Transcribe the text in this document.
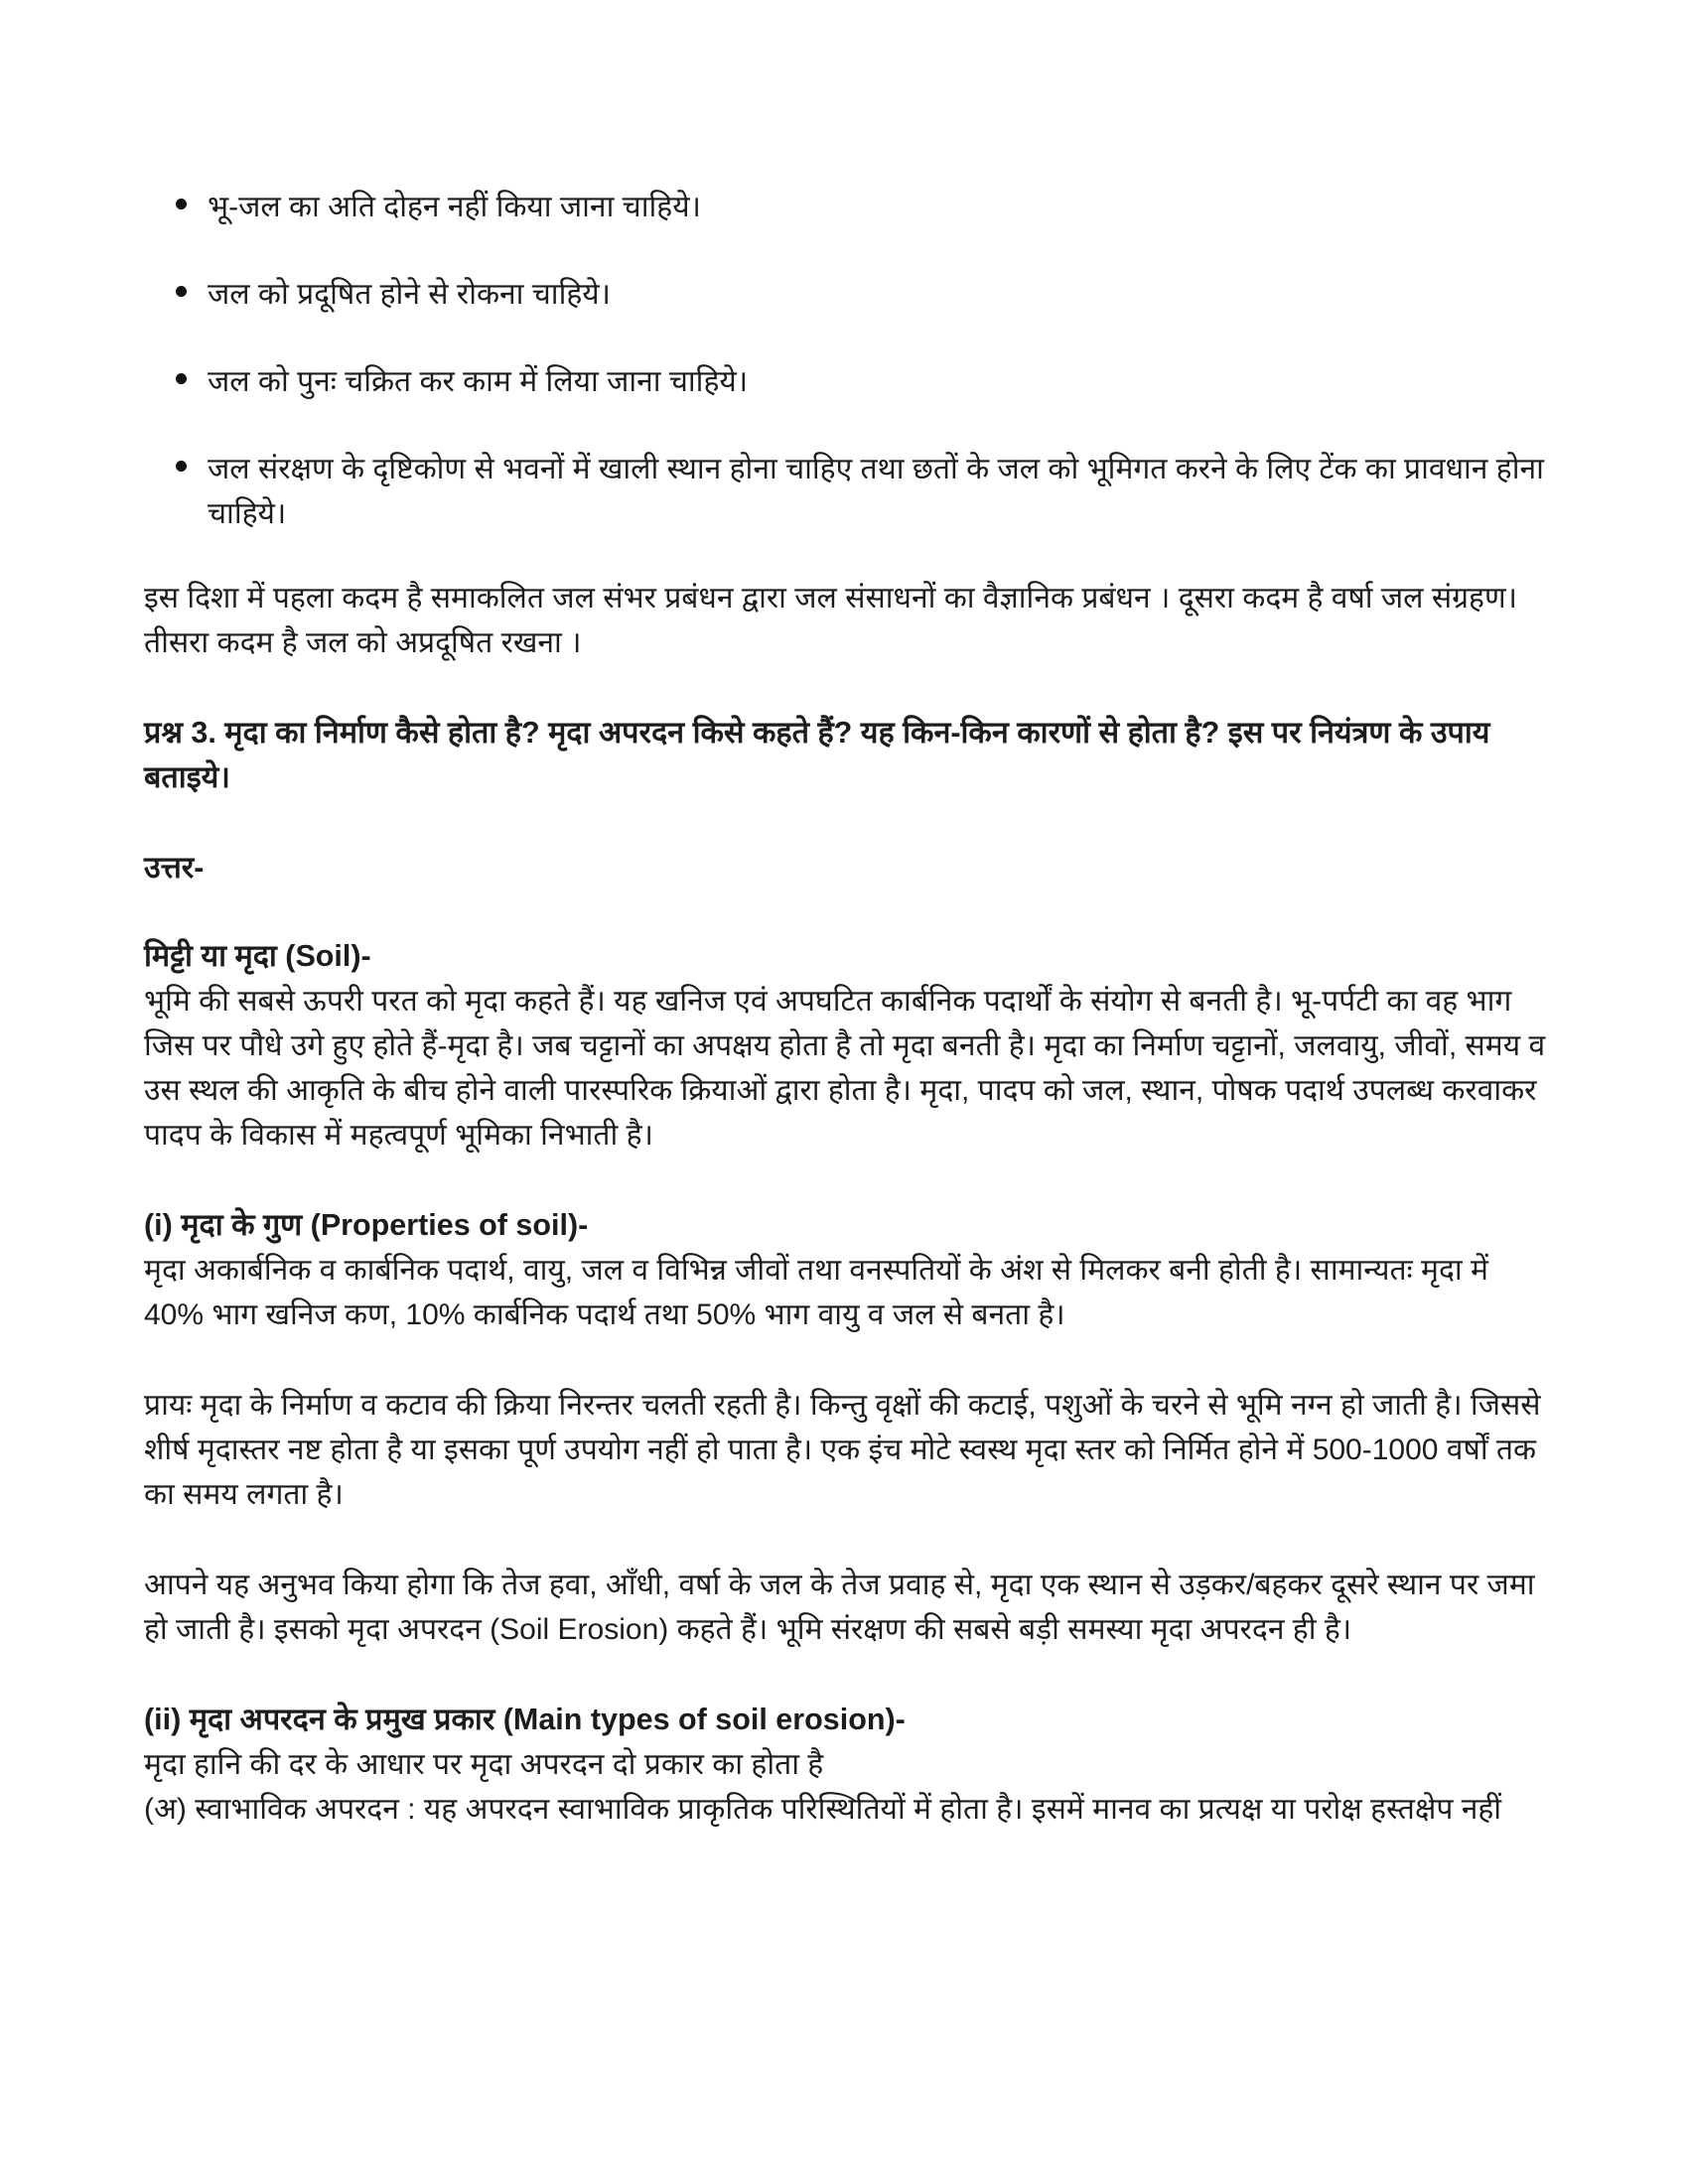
भू-जल का अति दोहन नहीं किया जाना चाहिये।
जल को प्रदूषित होने से रोकना चाहिये।
जल को पुनः चक्रित कर काम में लिया जाना चाहिये।
जल संरक्षण के दृष्टिकोण से भवनों में खाली स्थान होना चाहिए तथा छतों के जल को भूमिगत करने के लिए टेंक का प्रावधान होना चाहिये।

इस दिशा में पहला कदम है समाकलित जल संभर प्रबंधन द्वारा जल संसाधनों का वैज्ञानिक प्रबंधन । दूसरा कदम है वर्षा जल संग्रहण। तीसरा कदम है जल को अप्रदूषित रखना ।

प्रश्न 3. मृदा का निर्माण कैसे होता है? मृदा अपरदन किसे कहते हैं? यह किन-किन कारणों से होता है? इस पर नियंत्रण के उपाय बताइये।

उत्तर-

मिट्टी या मृदा (Soil)-
भूमि की सबसे ऊपरी परत को मृदा कहते हैं। यह खनिज एवं अपघटित कार्बनिक पदार्थों के संयोग से बनती है। भू-पर्पटी का वह भाग जिस पर पौधे उगे हुए होते हैं-मृदा है। जब चट्टानों का अपक्षय होता है तो मृदा बनती है। मृदा का निर्माण चट्टानों, जलवायु, जीवों, समय व उस स्थल की आकृति के बीच होने वाली पारस्परिक क्रियाओं द्वारा होता है। मृदा, पादप को जल, स्थान, पोषक पदार्थ उपलब्ध करवाकर पादप के विकास में महत्वपूर्ण भूमिका निभाती है।
(i) मृदा के गुण (Properties of soil)-
मृदा अकार्बनिक व कार्बनिक पदार्थ, वायु, जल व विभिन्न जीवों तथा वनस्पतियों के अंश से मिलकर बनी होती है। सामान्यतः मृदा में 40% भाग खनिज कण, 10% कार्बनिक पदार्थ तथा 50% भाग वायु व जल से बनता है।

प्रायः मृदा के निर्माण व कटाव की क्रिया निरन्तर चलती रहती है। किन्तु वृक्षों की कटाई, पशुओं के चरने से भूमि नग्न हो जाती है। जिससे शीर्ष मृदास्तर नष्ट होता है या इसका पूर्ण उपयोग नहीं हो पाता है। एक इंच मोटे स्वस्थ मृदा स्तर को निर्मित होने में 500-1000 वर्षों तक का समय लगता है।

आपने यह अनुभव किया होगा कि तेज हवा, आँधी, वर्षा के जल के तेज प्रवाह से, मृदा एक स्थान से उड़कर/बहकर दूसरे स्थान पर जमा हो जाती है। इसको मृदा अपरदन (Soil Erosion) कहते हैं। भूमि संरक्षण की सबसे बड़ी समस्या मृदा अपरदन ही है।

(ii) मृदा अपरदन के प्रमुख प्रकार (Main types of soil erosion)-
मृदा हानि की दर के आधार पर मृदा अपरदन दो प्रकार का होता है
(अ) स्वाभाविक अपरदन : यह अपरदन स्वाभाविक प्राकृतिक परिस्थितियों में होता है। इसमें मानव का प्रत्यक्ष या परोक्ष हस्तक्षेप नहीं
